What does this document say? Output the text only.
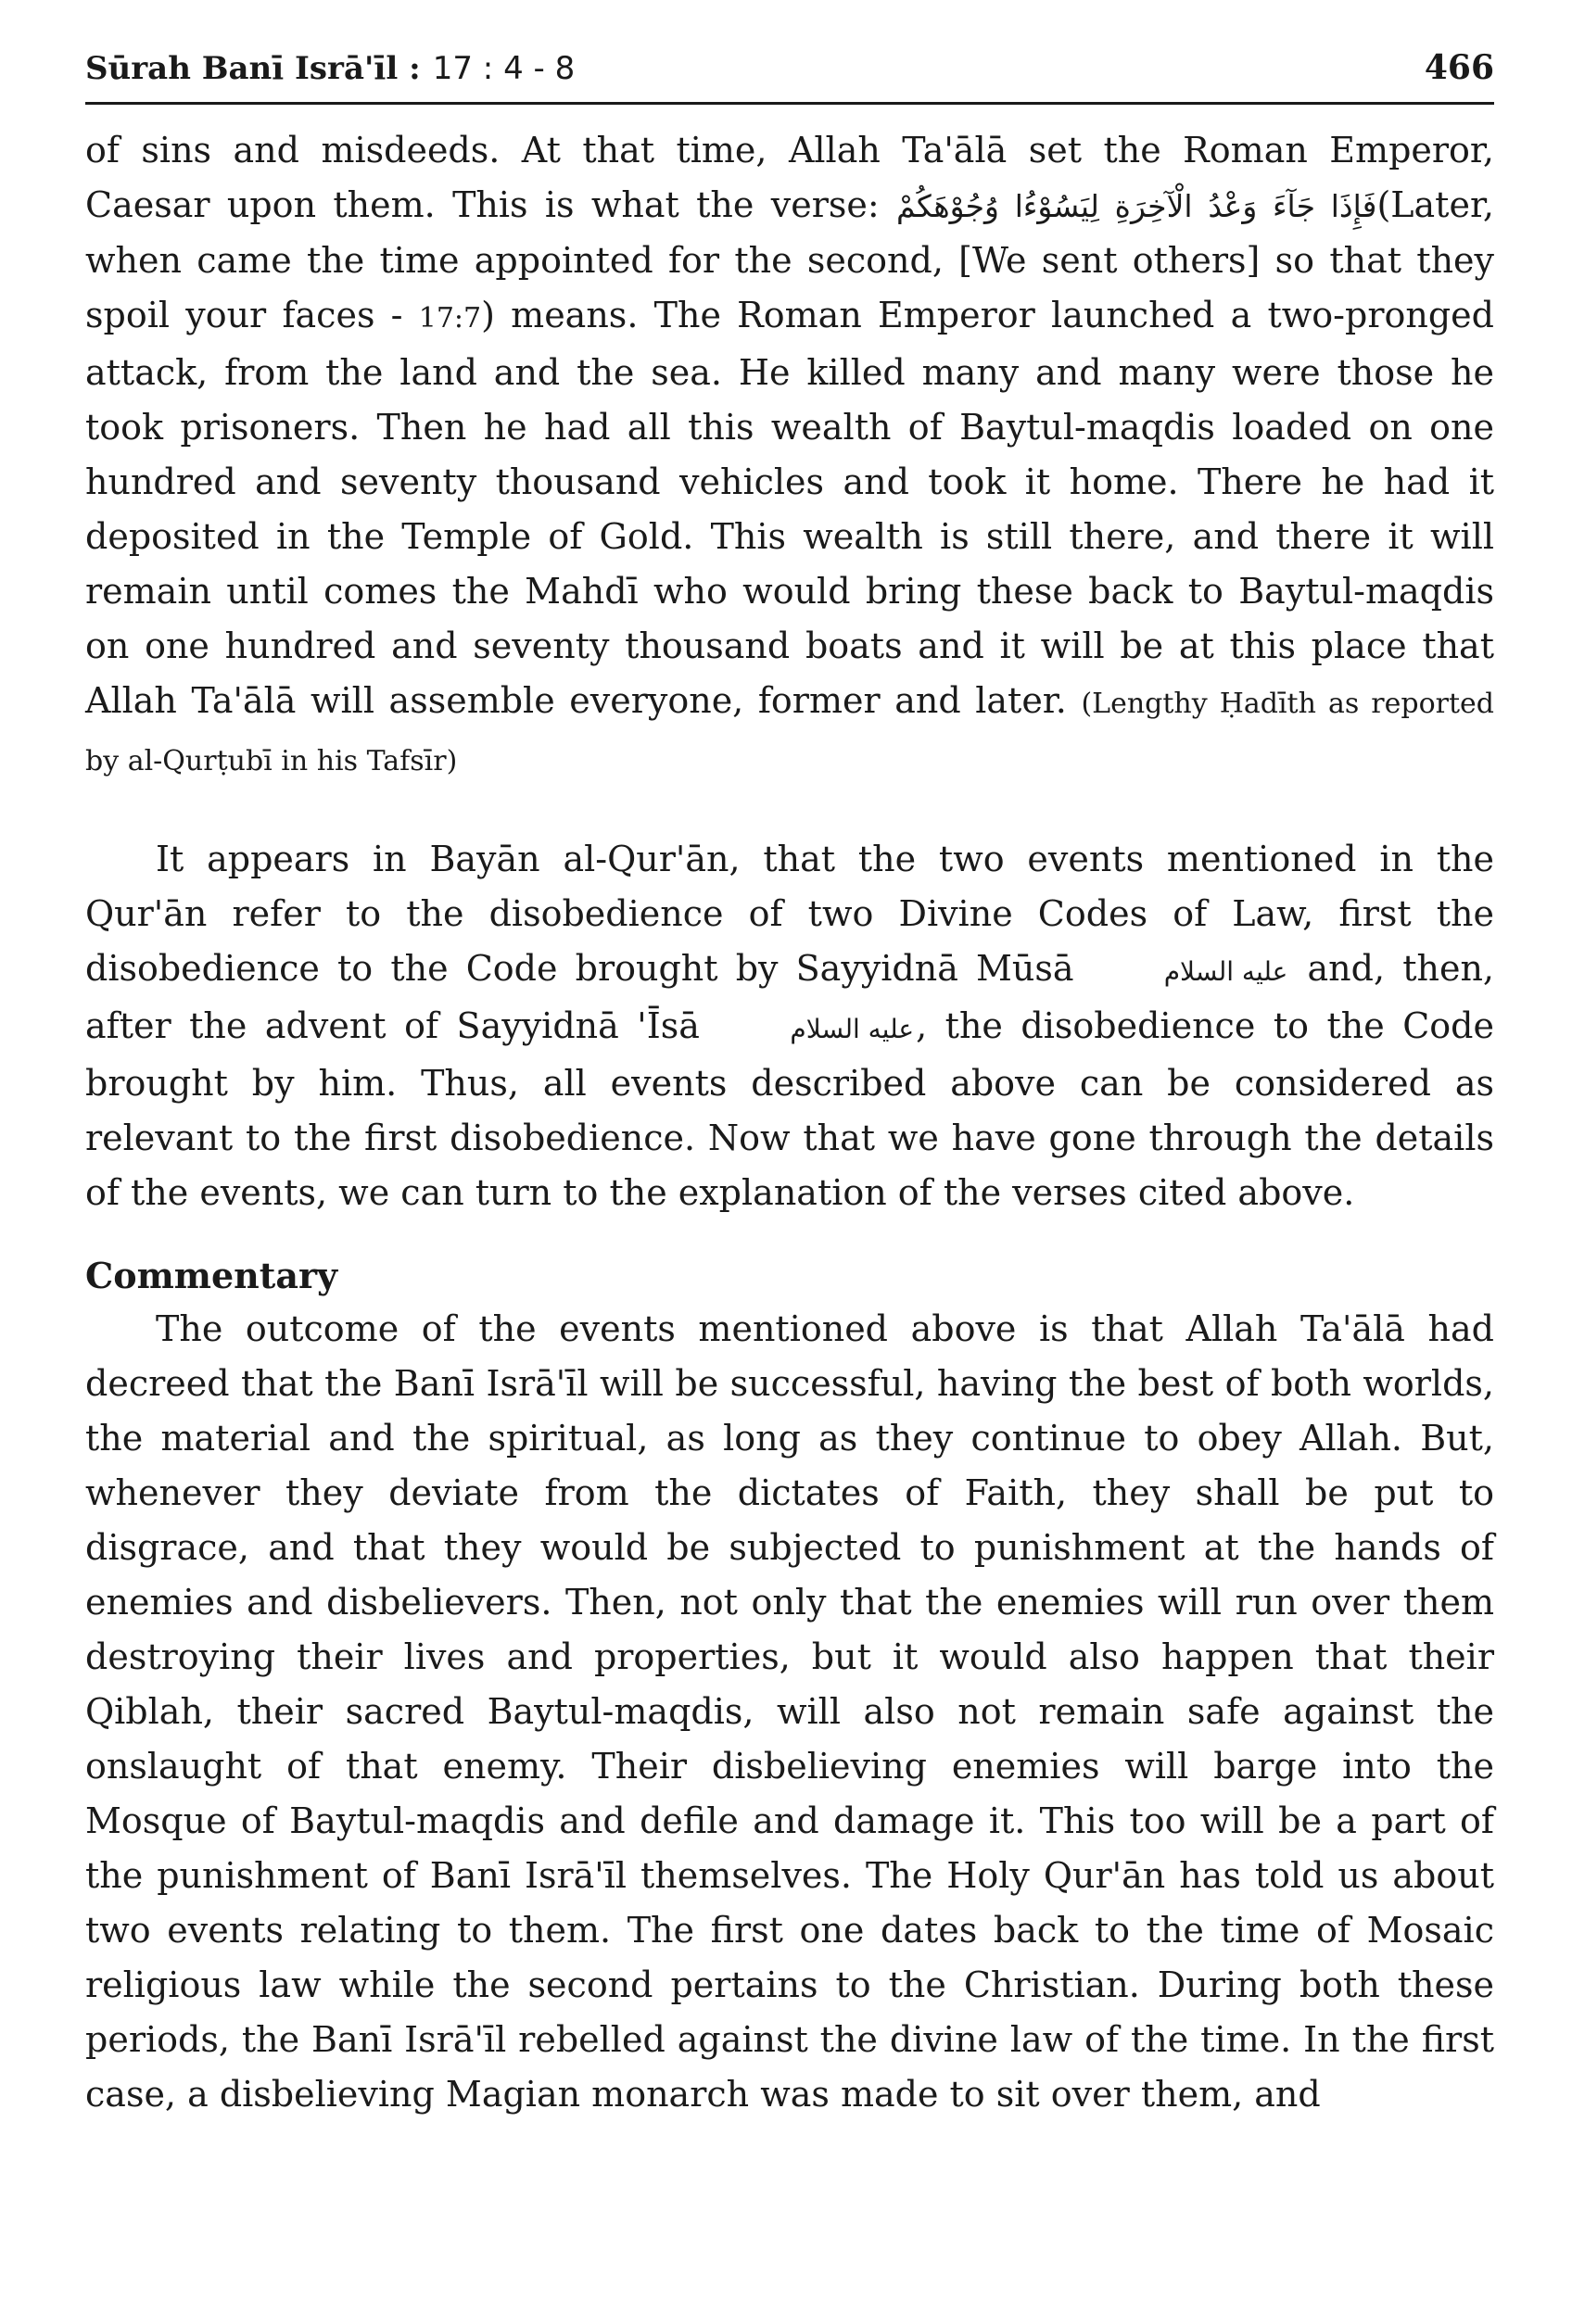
Sūrah Banī Isrā'īl : 17 : 4 - 8	466

of sins and misdeeds. At that time, Allah Ta'ālā set the Roman Emperor, Caesar upon them. This is what the verse: فَإِذَا جَآءَ وَعْدُ الْآخِرَةِ لِيَسُوْءُا وُجُوْهَكُمْ(Later, when came the time appointed for the second, [We sent others] so that they spoil your faces - 17:7) means. The Roman Emperor launched a two-pronged attack, from the land and the sea. He killed many and many were those he took prisoners. Then he had all this wealth of Baytul-maqdis loaded on one hundred and seventy thousand vehicles and took it home. There he had it deposited in the Temple of Gold. This wealth is still there, and there it will remain until comes the Mahdī who would bring these back to Baytul-maqdis on one hundred and seventy thousand boats and it will be at this place that Allah Ta'ālā will assemble everyone, former and later. (Lengthy Ḥadīth as reported by al-Qurṭubī in his Tafsīr)

It appears in Bayān al-Qur'ān, that the two events mentioned in the Qur'ān refer to the disobedience of two Divine Codes of Law, first the disobedience to the Code brought by Sayyidnā Mūsā	عليه السلام and, then, after the advent of Sayyidnā 'Īsā	عليه السلام, the disobedience to the Code brought by him. Thus, all events described above can be considered as relevant to the first disobedience. Now that we have gone through the details of the events, we can turn to the explanation of the verses cited above.

Commentary

The outcome of the events mentioned above is that Allah Ta'ālā had decreed that the Banī Isrā'īl will be successful, having the best of both worlds, the material and the spiritual, as long as they continue to obey Allah. But, whenever they deviate from the dictates of Faith, they shall be put to disgrace, and that they would be subjected to punishment at the hands of enemies and disbelievers. Then, not only that the enemies will run over them destroying their lives and properties, but it would also happen that their Qiblah, their sacred Baytul-maqdis, will also not remain safe against the onslaught of that enemy. Their disbelieving enemies will barge into the Mosque of Baytul-maqdis and defile and damage it. This too will be a part of the punishment of Banī Isrā'īl themselves. The Holy Qur'ān has told us about two events relating to them. The first one dates back to the time of Mosaic religious law while the second pertains to the Christian. During both these periods, the Banī Isrā'īl rebelled against the divine law of the time. In the first case, a disbelieving Magian monarch was made to sit over them, and
